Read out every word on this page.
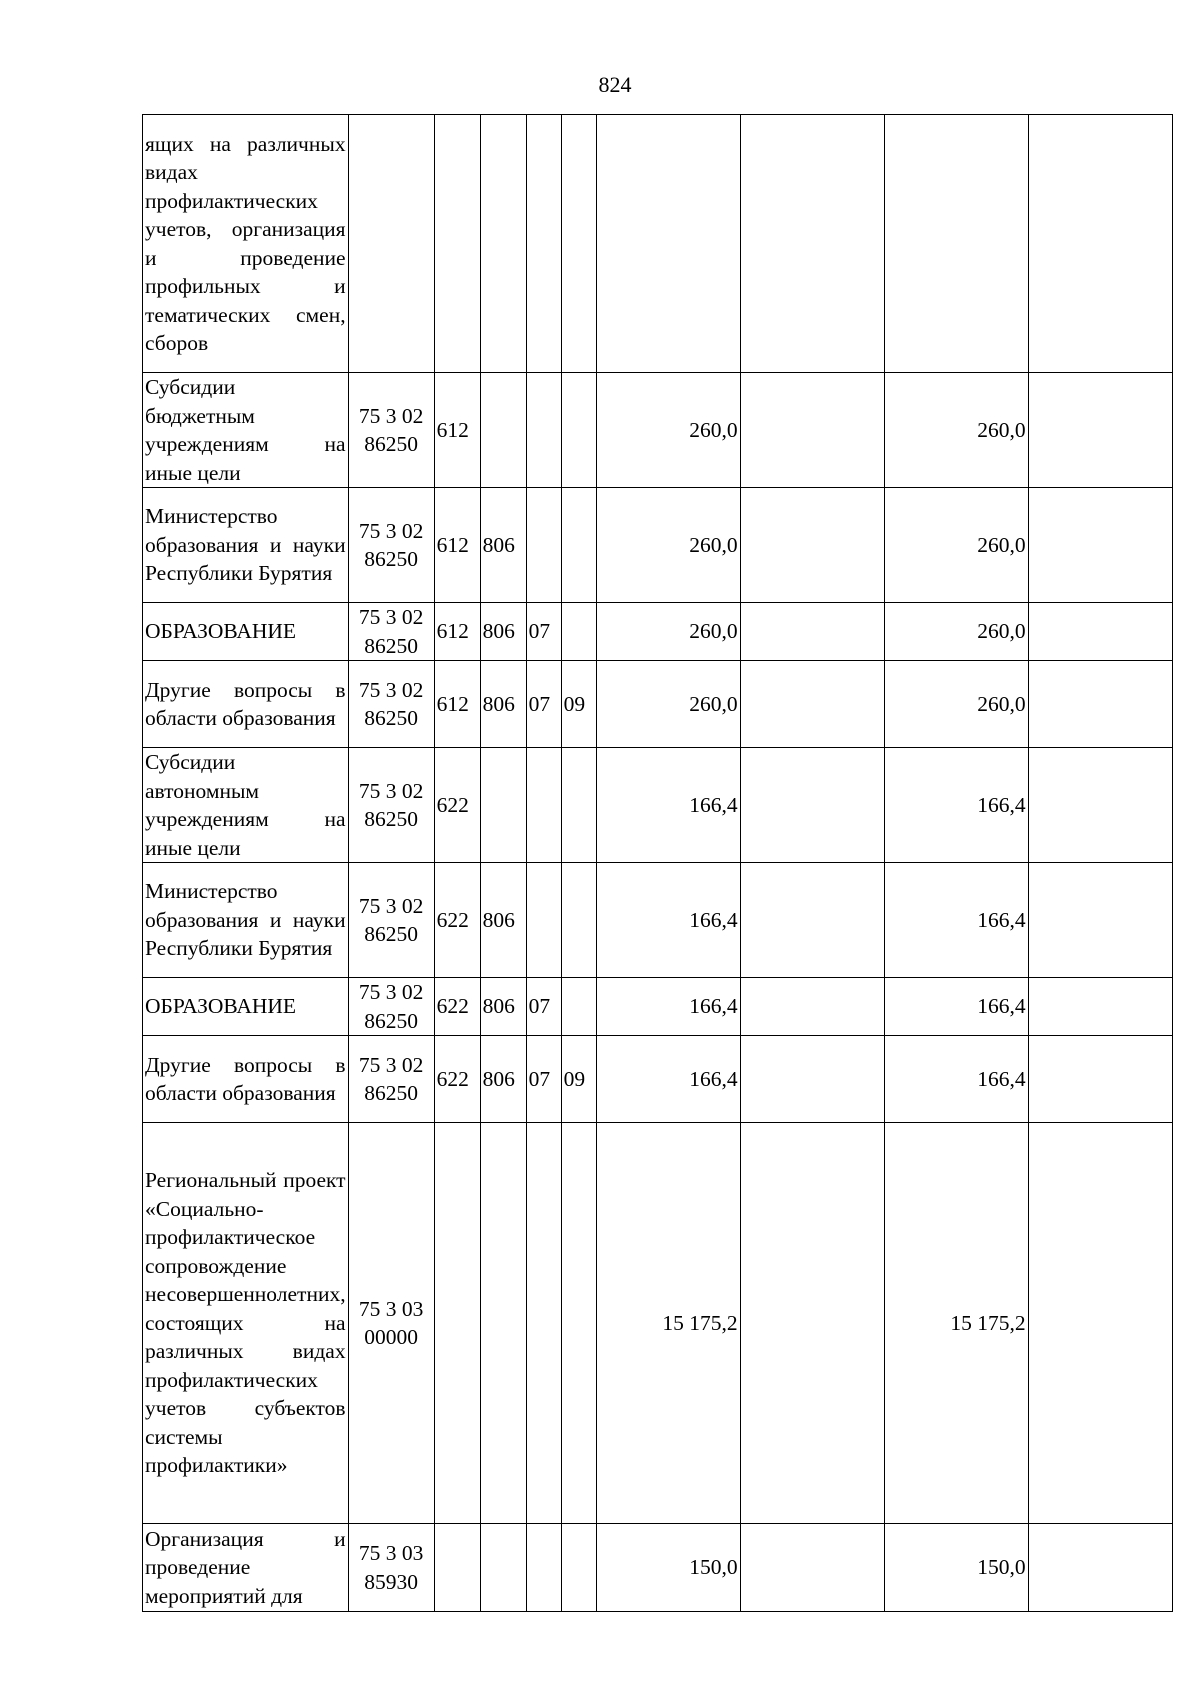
824
ящих на различных видах профилактических учетов, организация и проведение профильных и тематических смен, сборов									
Субсидии бюджетным учреждениям на иные цели	75 3 02 86250	612				260,0		260,0	
Министерство образования и науки Республики Бурятия	75 3 02 86250	612	806			260,0		260,0	
ОБРАЗОВАНИЕ	75 3 02 86250	612	806	07		260,0		260,0	
Другие вопросы в области образования	75 3 02 86250	612	806	07	09	260,0		260,0	
Субсидии автономным учреждениям на иные цели	75 3 02 86250	622				166,4		166,4	
Министерство образования и науки Республики Бурятия	75 3 02 86250	622	806			166,4		166,4	
ОБРАЗОВАНИЕ	75 3 02 86250	622	806	07		166,4		166,4	
Другие вопросы в области образования	75 3 02 86250	622	806	07	09	166,4		166,4	
Региональный проект «Социально-профилактическое сопровождение несовершеннолетних, состоящих на различных видах профилактических учетов субъектов системы профилактики»	75 3 03 00000					15 175,2		15 175,2	
Организация и проведение мероприятий для	75 3 03 85930					150,0		150,0	
